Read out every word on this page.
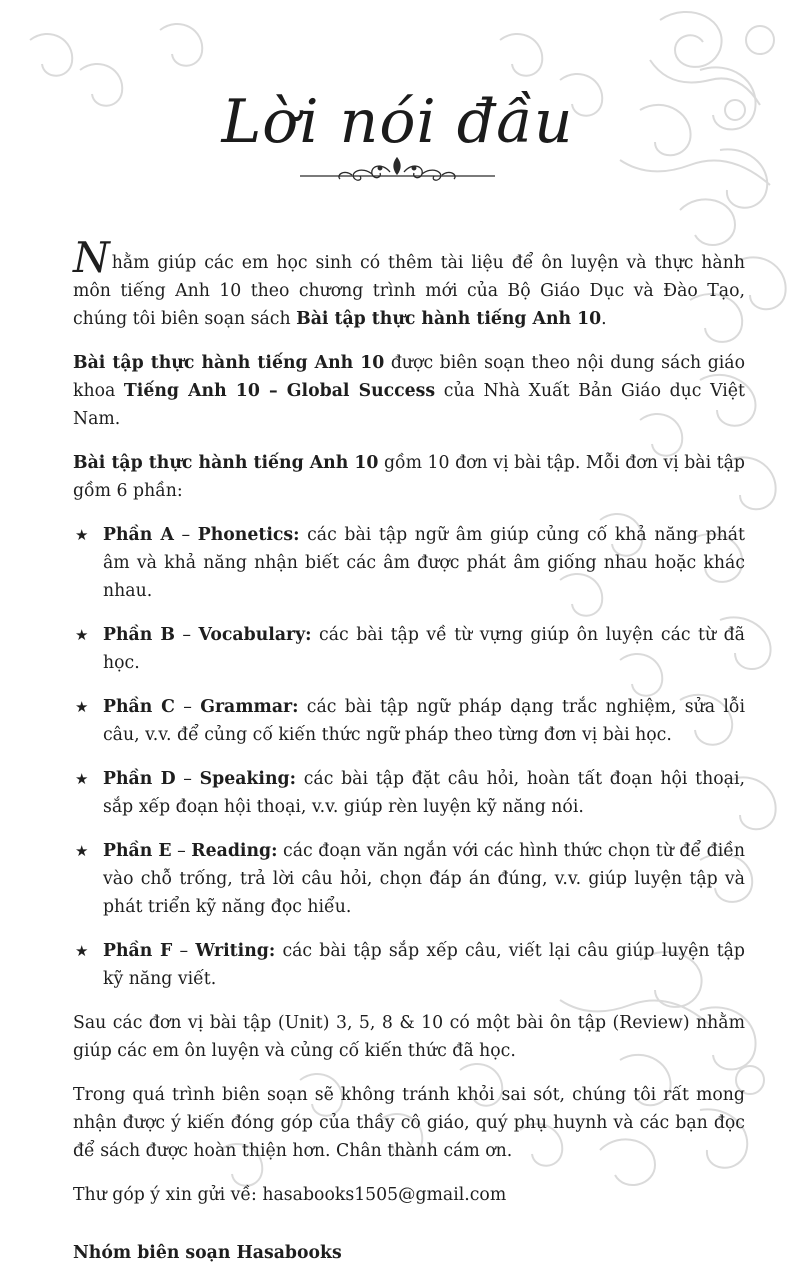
Lời nói đầu

Nhằm giúp các em học sinh có thêm tài liệu để ôn luyện và thực hành môn tiếng Anh 10 theo chương trình mới của Bộ Giáo Dục và Đào Tạo, chúng tôi biên soạn sách Bài tập thực hành tiếng Anh 10.

Bài tập thực hành tiếng Anh 10 được biên soạn theo nội dung sách giáo khoa Tiếng Anh 10 – Global Success của Nhà Xuất Bản Giáo dục Việt Nam.

Bài tập thực hành tiếng Anh 10 gồm 10 đơn vị bài tập. Mỗi đơn vị bài tập gồm 6 phần:

★ Phần A – Phonetics: các bài tập ngữ âm giúp củng cố khả năng phát âm và khả năng nhận biết các âm được phát âm giống nhau hoặc khác nhau.
★ Phần B – Vocabulary: các bài tập về từ vựng giúp ôn luyện các từ đã học.
★ Phần C – Grammar: các bài tập ngữ pháp dạng trắc nghiệm, sửa lỗi câu, v.v. để củng cố kiến thức ngữ pháp theo từng đơn vị bài học.
★ Phần D – Speaking: các bài tập đặt câu hỏi, hoàn tất đoạn hội thoại, sắp xếp đoạn hội thoại, v.v. giúp rèn luyện kỹ năng nói.
★ Phần E – Reading: các đoạn văn ngắn với các hình thức chọn từ để điền vào chỗ trống, trả lời câu hỏi, chọn đáp án đúng, v.v. giúp luyện tập và phát triển kỹ năng đọc hiểu.
★ Phần F – Writing: các bài tập sắp xếp câu, viết lại câu giúp luyện tập kỹ năng viết.

Sau các đơn vị bài tập (Unit) 3, 5, 8 & 10 có một bài ôn tập (Review) nhằm giúp các em ôn luyện và củng cố kiến thức đã học.

Trong quá trình biên soạn sẽ không tránh khỏi sai sót, chúng tôi rất mong nhận được ý kiến đóng góp của thầy cô giáo, quý phụ huynh và các bạn đọc để sách được hoàn thiện hơn. Chân thành cám ơn.

Thư góp ý xin gửi về: hasabooks1505@gmail.com

Nhóm biên soạn Hasabooks
